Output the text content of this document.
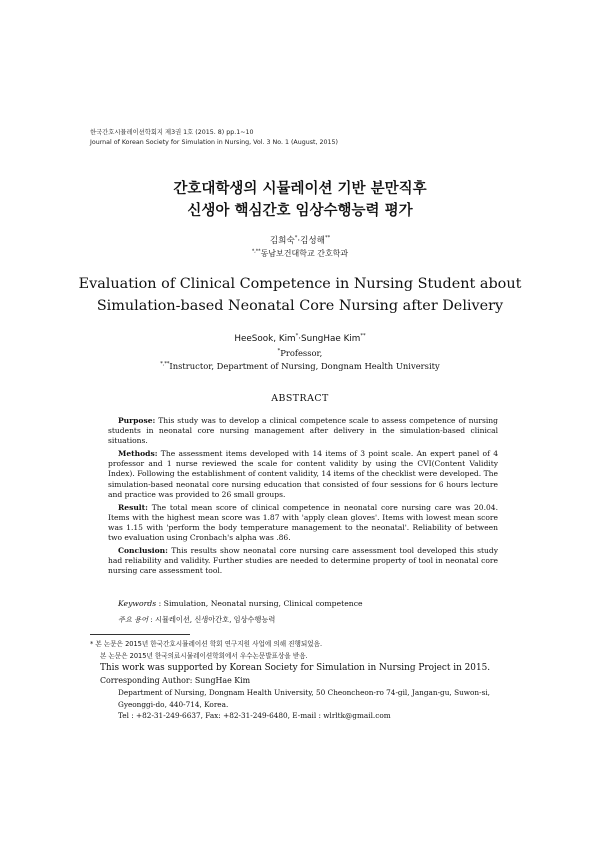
한국간호시뮬레이션학회지 제3권 1호 (2015. 8) pp.1~10
Journal of Korean Society for Simulation in Nursing, Vol. 3 No. 1 (August, 2015)
간호대학생의 시뮬레이션 기반 분만직후
신생아 핵심간호 임상수행능력 평가
김희숙*·김성해**
*,**동남보건대학교 간호학과
Evaluation of Clinical Competence in Nursing Student about
Simulation-based Neonatal Core Nursing after Delivery
HeeSook, Kim*·SungHae Kim**
*Professor,
*,**Instructor, Department of Nursing, Dongnam Health University
ABSTRACT

Purpose: This study was to develop a clinical competence scale to assess competence of nursing students in neonatal core nursing management after delivery in the simulation-based clinical situations.

Methods: The assessment items developed with 14 items of 3 point scale. An expert panel of 4 professor and 1 nurse reviewed the scale for content validity by using the CVI(Content Validity Index). Following the establishment of content validity, 14 items of the checklist were developed. The simulation-based neonatal core nursing education that consisted of four sessions for 6 hours lecture and practice was provided to 26 small groups.

Result: The total mean score of clinical competence in neonatal core nursing care was 20.04. Items with the highest mean score was 1.87 with 'apply clean gloves'. Items with lowest mean score was 1.15 with 'perform the body temperature management to the neonatal'. Reliability of between two evaluation using Cronbach's alpha was .86.

Conclusion: This results show neonatal core nursing care assessment tool developed this study had reliability and validity. Further studies are needed to determine property of tool in neonatal core nursing care assessment tool.

Keywords : Simulation, Neonatal nursing, Clinical competence
주요 용어 : 시뮬레이션, 신생아간호, 임상수행능력
* 본 논문은 2015년 한국간호시뮬레이션 학회 연구지원 사업에 의해 진행되었음.
본 논문은 2015년 한국의료시뮬레이션학회에서 우수논문발표상을 받음.
This work was supported by Korean Society for Simulation in Nursing Project in 2015.
Corresponding Author: SungHae Kim
Department of Nursing, Dongnam Health University, 50 Cheoncheon-ro 74-gil, Jangan-gu, Suwon-si,
Gyeonggi-do, 440-714, Korea.
Tel : +82-31-249-6637, Fax: +82-31-249-6480, E-mail : wlrltk@gmail.com
